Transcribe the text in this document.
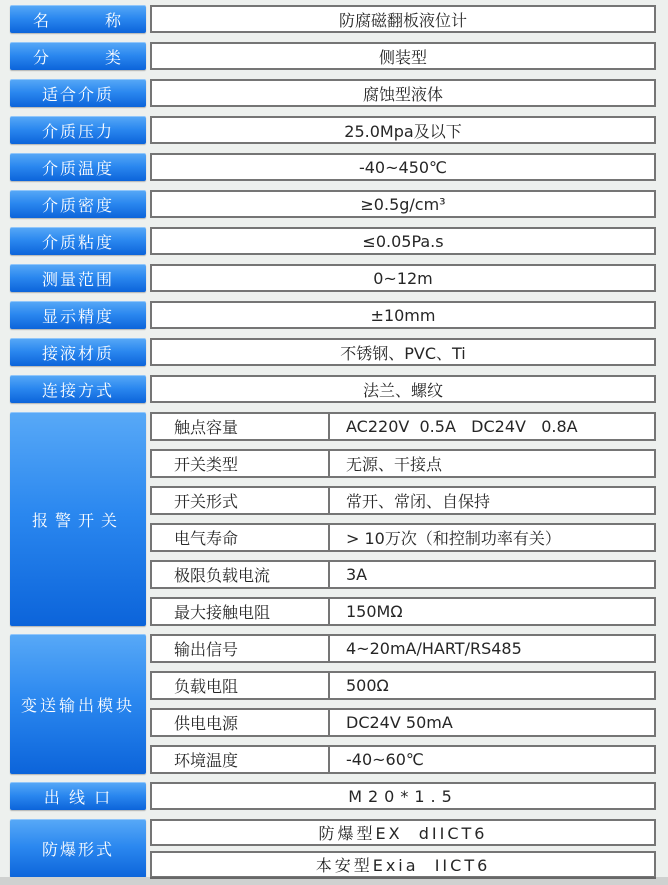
名　　　称	防腐磁翻板液位计
分　　　类	侧装型
适合介质	腐蚀型液体
介质压力	25.0Mpa及以下
介质温度	-40~450℃
介质密度	≥0.5g/cm³
介质粘度	≤0.05Pa.s
测量范围	0~12m
显示精度	±10mm
接液材质	不锈钢、PVC、Ti
连接方式	法兰、螺纹
报警开关
触点容量	AC220V  0.5A   DC24V   0.8A
开关类型	无源、干接点
开关形式	常开、常闭、自保持
电气寿命	> 10万次（和控制功率有关）
极限负载电流	3A
最大接触电阻	150MΩ
变送输出模块
输出信号	4~20mA/HART/RS485
负载电阻	500Ω
供电电源	DC24V 50mA
环境温度	-40~60℃
出 线 口	M20*1.5
防爆形式
防爆型EX  dIICT6
本安型Exia  IICT6
